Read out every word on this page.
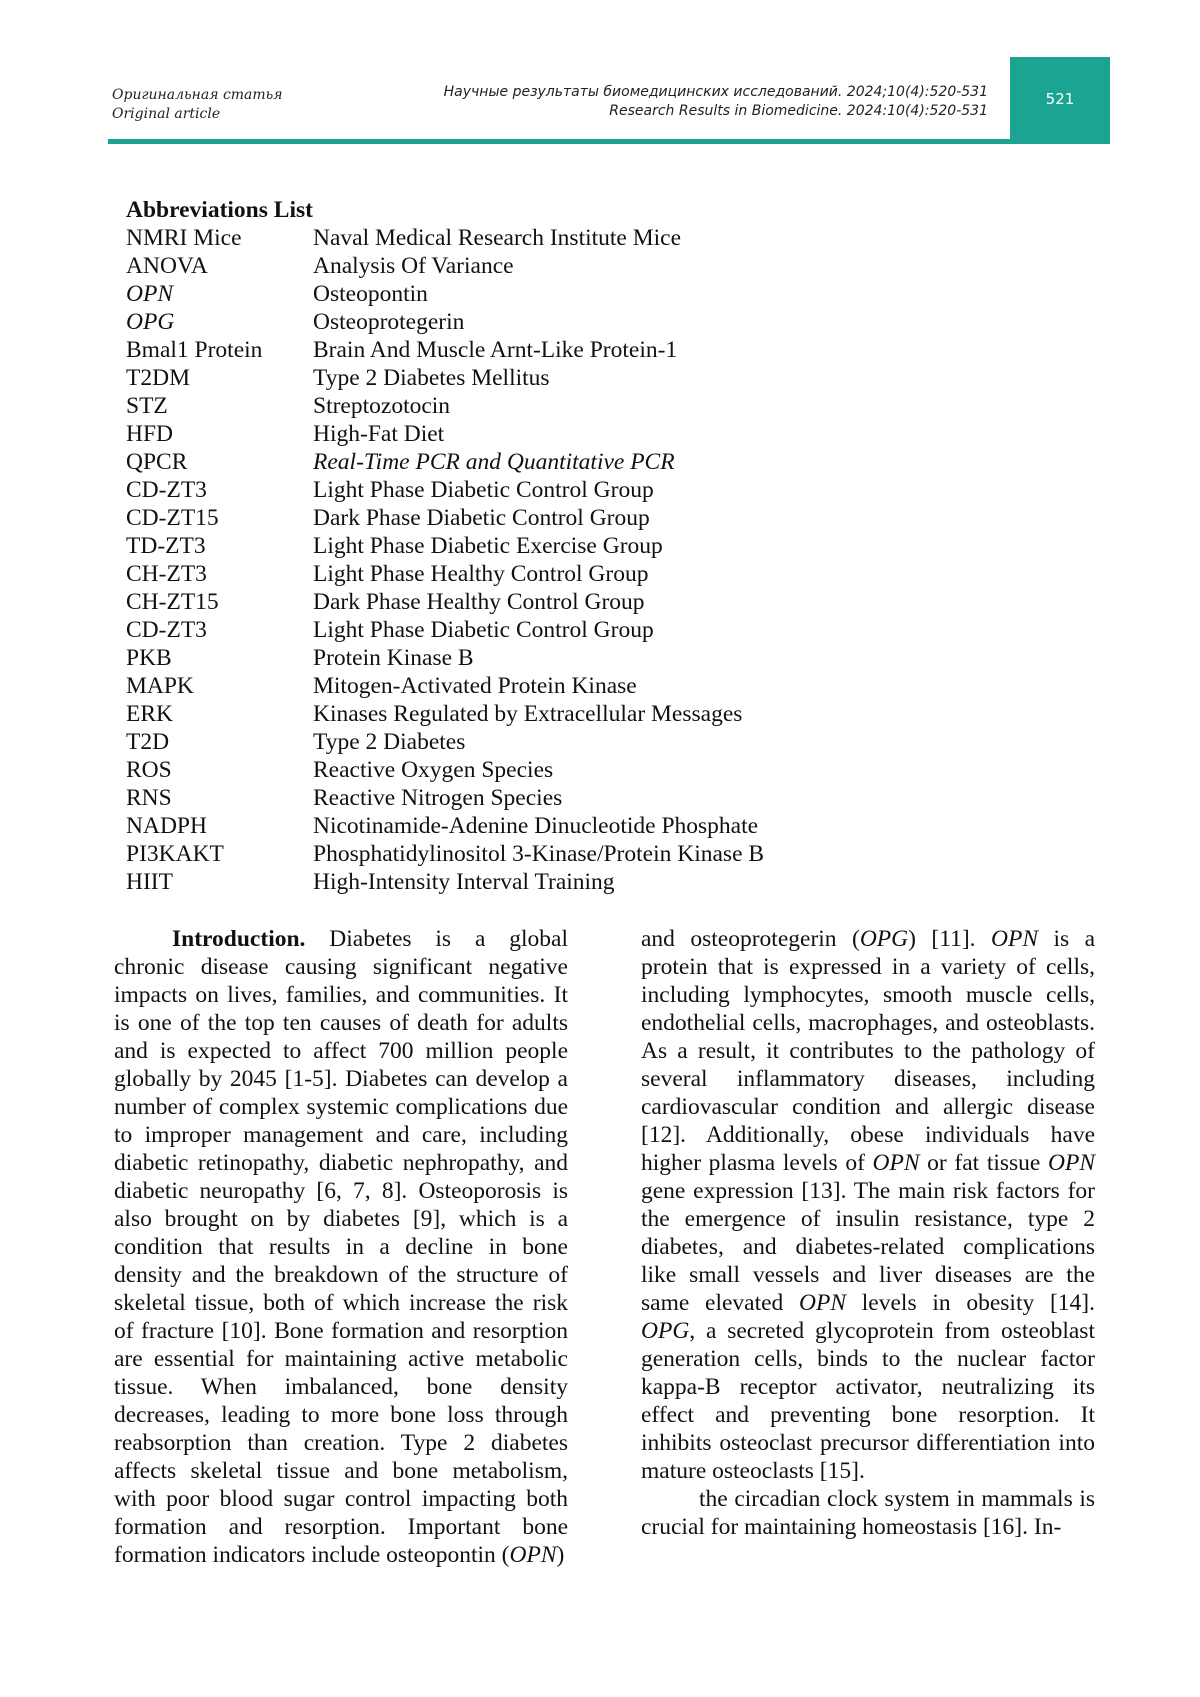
Оригинальная статья
Original article
Научные результаты биомедицинских исследований. 2024;10(4):520-531
Research Results in Biomedicine. 2024:10(4):520-531
521
Abbreviations List
NMRI Mice	Naval Medical Research Institute Mice
ANOVA	Analysis Of Variance
OPN	Osteopontin
OPG	Osteoprotegerin
Bmal1 Protein	Brain And Muscle Arnt-Like Protein-1
T2DM	Type 2 Diabetes Mellitus
STZ	Streptozotocin
HFD	High-Fat Diet
QPCR	Real-Time PCR and Quantitative PCR
CD-ZT3	Light Phase Diabetic Control Group
CD-ZT15	Dark Phase Diabetic Control Group
TD-ZT3	Light Phase Diabetic Exercise Group
CH-ZT3	Light Phase Healthy Control Group
CH-ZT15	Dark Phase Healthy Control Group
CD-ZT3	Light Phase Diabetic Control Group
PKB	Protein Kinase B
MAPK	Mitogen-Activated Protein Kinase
ERK	Kinases Regulated by Extracellular Messages
T2D	Type 2 Diabetes
ROS	Reactive Oxygen Species
RNS	Reactive Nitrogen Species
NADPH	Nicotinamide-Adenine Dinucleotide Phosphate
PI3KAKT	Phosphatidylinositol 3-Kinase/Protein Kinase B
HIIT	High-Intensity Interval Training

Introduction. Diabetes is a global chronic disease causing significant negative impacts on lives, families, and communities. It is one of the top ten causes of death for adults and is expected to affect 700 million people globally by 2045 [1-5]. Diabetes can develop a number of complex systemic complications due to improper management and care, including diabetic retinopathy, diabetic nephropathy, and diabetic neuropathy [6, 7, 8]. Osteoporosis is also brought on by diabetes [9], which is a condition that results in a decline in bone density and the breakdown of the structure of skeletal tissue, both of which increase the risk of fracture [10]. Bone formation and resorption are essential for maintaining active metabolic tissue. When imbalanced, bone density decreases, leading to more bone loss through reabsorption than creation. Type 2 diabetes affects skeletal tissue and bone metabolism, with poor blood sugar control impacting both formation and resorption. Important bone formation indicators include osteopontin (OPN)

and osteoprotegerin (OPG) [11]. OPN is a protein that is expressed in a variety of cells, including lymphocytes, smooth muscle cells, endothelial cells, macrophages, and osteoblasts. As a result, it contributes to the pathology of several inflammatory diseases, including cardiovascular condition and allergic disease [12]. Additionally, obese individuals have higher plasma levels of OPN or fat tissue OPN gene expression [13]. The main risk factors for the emergence of insulin resistance, type 2 diabetes, and diabetes-related complications like small vessels and liver diseases are the same elevated OPN levels in obesity [14]. OPG, a secreted glycoprotein from osteoblast generation cells, binds to the nuclear factor kappa-B receptor activator, neutralizing its effect and preventing bone resorption. It inhibits osteoclast precursor differentiation into mature osteoclasts [15].

the circadian clock system in mammals is crucial for maintaining homeostasis [16]. In-
